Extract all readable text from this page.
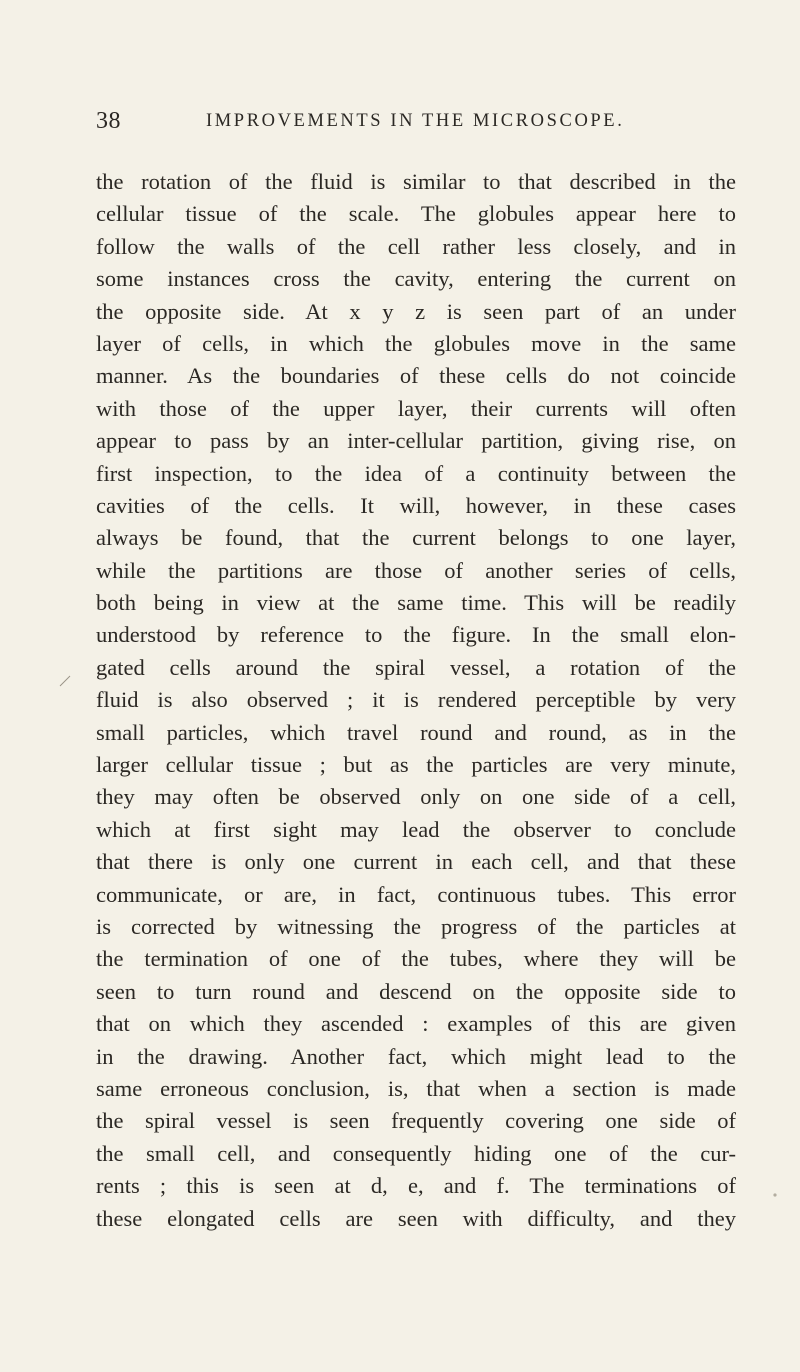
38	IMPROVEMENTS IN THE MICROSCOPE.
the rotation of the fluid is similar to that described in the
cellular tissue of the scale. The globules appear here to
follow the walls of the cell rather less closely, and in
some instances cross the cavity, entering the current on
the opposite side. At x y z is seen part of an under
layer of cells, in which the globules move in the same
manner. As the boundaries of these cells do not coincide
with those of the upper layer, their currents will often
appear to pass by an inter-cellular partition, giving rise, on
first inspection, to the idea of a continuity between the
cavities of the cells. It will, however, in these cases
always be found, that the current belongs to one layer,
while the partitions are those of another series of cells,
both being in view at the same time. This will be readily
understood by reference to the figure. In the small elon-
gated cells around the spiral vessel, a rotation of the
fluid is also observed ; it is rendered perceptible by very
small particles, which travel round and round, as in the
larger cellular tissue ; but as the particles are very minute,
they may often be observed only on one side of a cell,
which at first sight may lead the observer to conclude
that there is only one current in each cell, and that these
communicate, or are, in fact, continuous tubes. This error
is corrected by witnessing the progress of the particles at
the termination of one of the tubes, where they will be
seen to turn round and descend on the opposite side to
that on which they ascended : examples of this are given
in the drawing. Another fact, which might lead to the
same erroneous conclusion, is, that when a section is made
the spiral vessel is seen frequently covering one side of
the small cell, and consequently hiding one of the cur-
rents ; this is seen at d, e, and f. The terminations of
these elongated cells are seen with difficulty, and they
